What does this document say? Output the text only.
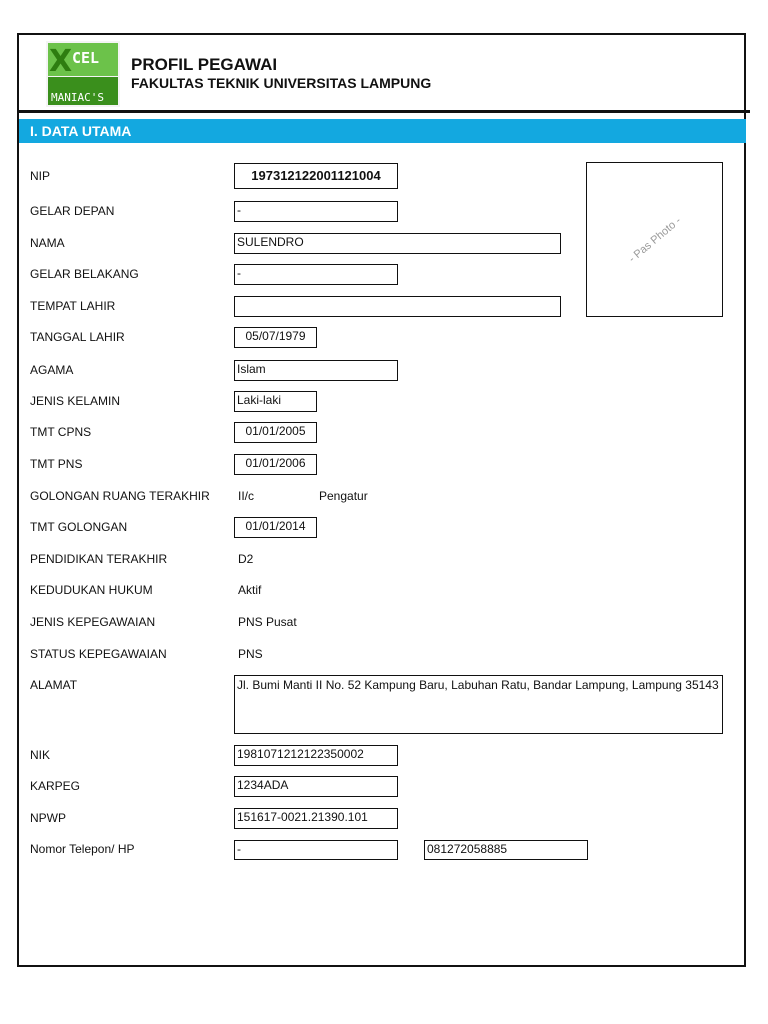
X CEL
MANIAC'S
PROFIL PEGAWAI
FAKULTAS TEKNIK UNIVERSITAS LAMPUNG
I. DATA UTAMA
- Pas Photo -
NIP	197312122001121004
GELAR DEPAN	-
NAMA	SULENDRO
GELAR BELAKANG	-
TEMPAT LAHIR
TANGGAL LAHIR	05/07/1979
AGAMA	Islam
JENIS KELAMIN	Laki-laki
TMT CPNS	01/01/2005
TMT PNS	01/01/2006
GOLONGAN RUANG TERAKHIR II/c	Pengatur
TMT GOLONGAN	01/01/2014
PENDIDIKAN TERAKHIR	D2
KEDUDUKAN HUKUM	Aktif
JENIS KEPEGAWAIAN	PNS Pusat
STATUS KEPEGAWAIAN	PNS
ALAMAT	Jl. Bumi Manti II No. 52 Kampung Baru, Labuhan Ratu, Bandar Lampung, Lampung 35143
NIK	1981071212122350002
KARPEG	1234ADA
NPWP	151617-0021.21390.101
Nomor Telepon/ HP	-	081272058885
